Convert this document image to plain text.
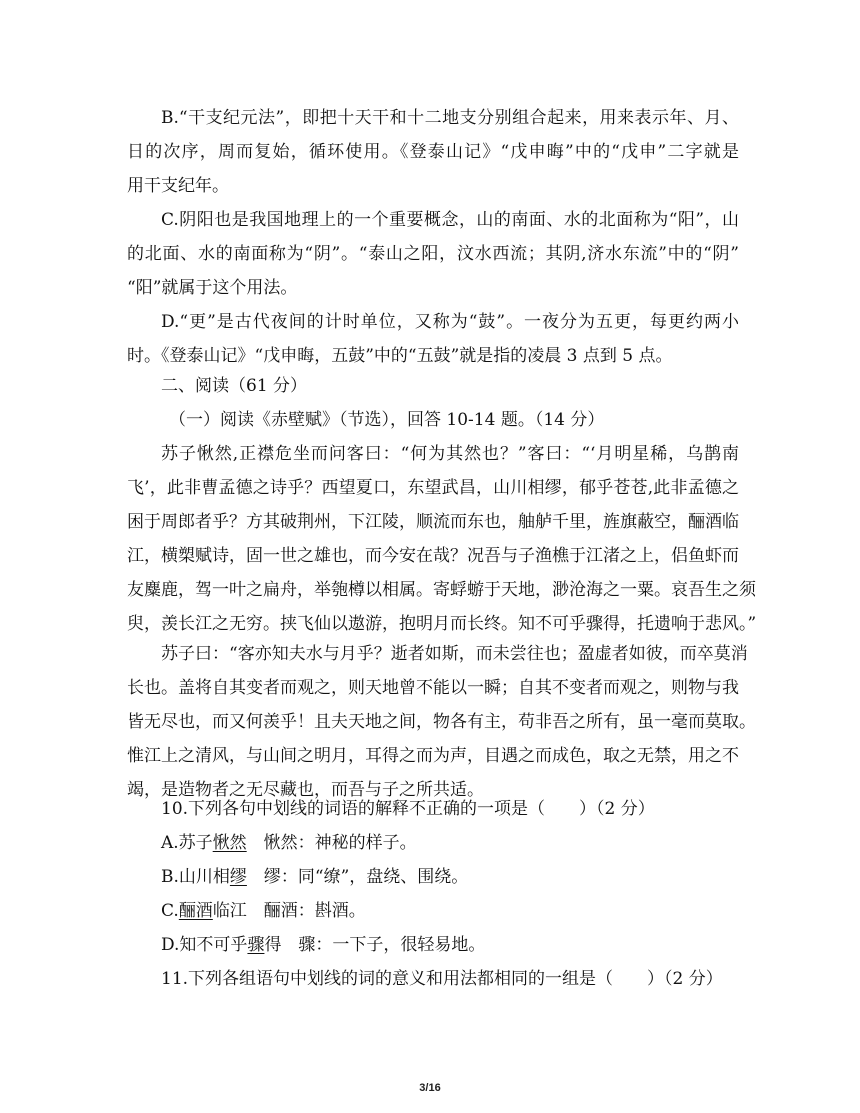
B.“干支纪元法”，即把十天干和十二地支分别组合起来，用来表示年、月、
日的次序，周而复始，循环使用。《登泰山记》“戊申晦”中的“戊申”二字就是
用干支纪年。
C.阴阳也是我国地理上的一个重要概念，山的南面、水的北面称为“阳”，山
的北面、水的南面称为“阴”。“泰山之阳，汶水西流；其阴,济水东流”中的“阴”
“阳”就属于这个用法。
D.“更”是古代夜间的计时单位，又称为“鼓”。一夜分为五更，每更约两小
时。《登泰山记》“戊申晦，五鼓”中的“五鼓”就是指的凌晨 3 点到 5 点。

二、阅读（61 分）

（一）阅读《赤壁赋》（节选），回答 10-14 题。（14 分）

苏子愀然,正襟危坐而问客曰：“何为其然也？”客曰：“‘月明星稀，乌鹊南
飞’，此非曹孟德之诗乎？西望夏口，东望武昌，山川相缪，郁乎苍苍,此非孟德之
困于周郎者乎？方其破荆州，下江陵，顺流而东也，舳舻千里，旌旗蔽空，酾酒临
江，横槊赋诗，固一世之雄也，而今安在哉？况吾与子渔樵于江渚之上，侣鱼虾而
友麋鹿，驾一叶之扁舟，举匏樽以相属。寄蜉蝣于天地，渺沧海之一粟。哀吾生之须
臾，羡长江之无穷。挟飞仙以遨游，抱明月而长终。知不可乎骤得，托遗响于悲风。”
苏子曰：“客亦知夫水与月乎？逝者如斯，而未尝往也；盈虚者如彼，而卒莫消
长也。盖将自其变者而观之，则天地曾不能以一瞬；自其不变者而观之，则物与我
皆无尽也，而又何羡乎！且夫天地之间，物各有主，苟非吾之所有，虽一毫而莫取。
惟江上之清风，与山间之明月，耳得之而为声，目遇之而成色，取之无禁，用之不
竭，是造物者之无尽藏也，而吾与子之所共适。

10.下列各句中划线的词语的解释不正确的一项是（　　）（2 分）

A.苏子愀然　愀然：神秘的样子。

B.山川相缪　缪：同“缭”，盘绕、围绕。

C.酾酒临江　酾酒：斟酒。

D.知不可乎骤得　骤：一下子，很轻易地。

11.下列各组语句中划线的词的意义和用法都相同的一组是（　　）（2 分）

3/16
